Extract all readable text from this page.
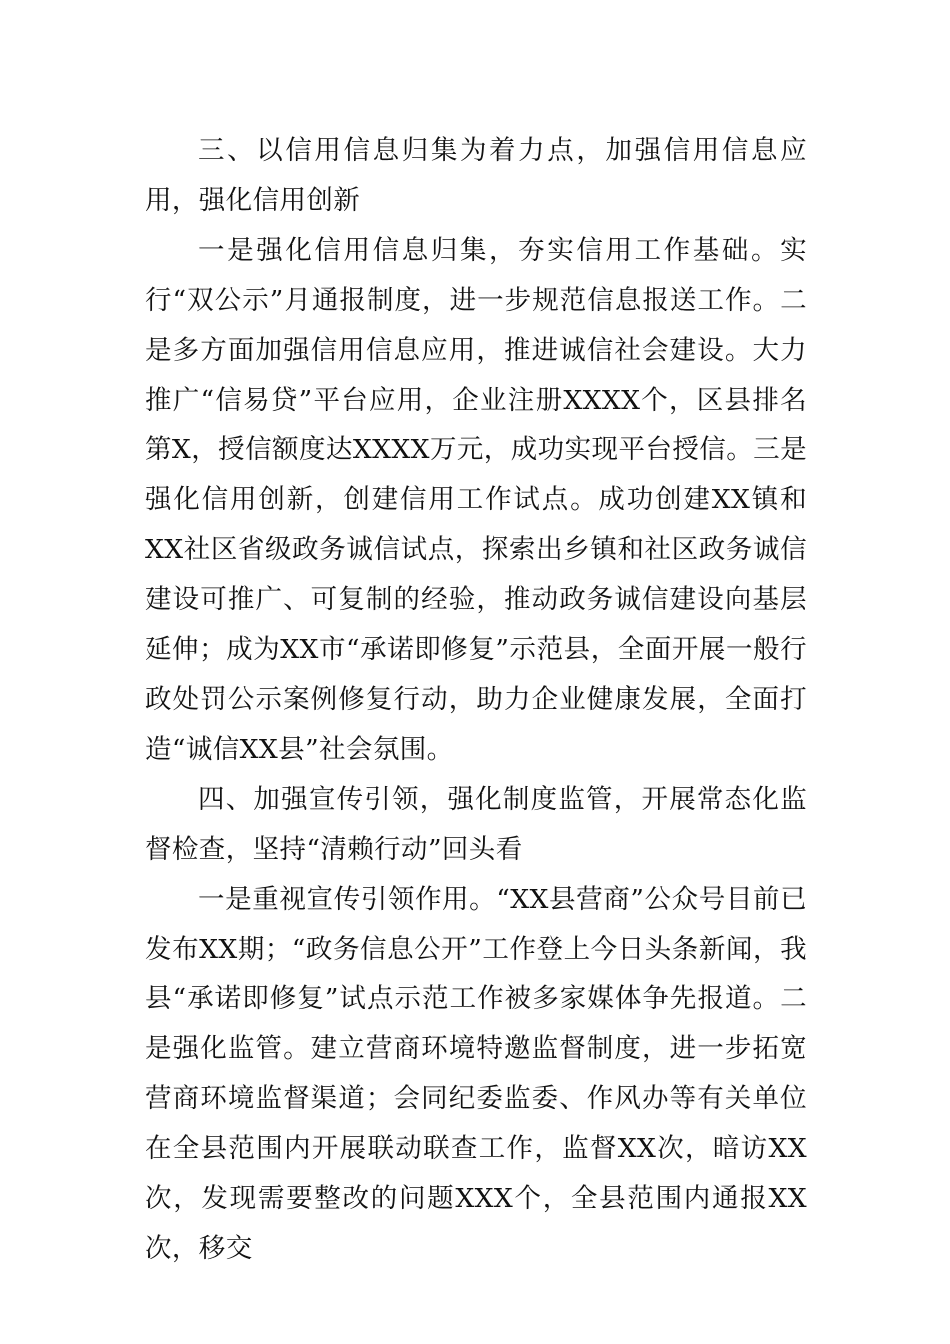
三、以信用信息归集为着力点，加强信用信息应用，强化信用创新

一是强化信用信息归集，夯实信用工作基础。实行“双公示”月通报制度，进一步规范信息报送工作。二是多方面加强信用信息应用，推进诚信社会建设。大力推广“信易贷”平台应用，企业注册XXXX个，区县排名第X，授信额度达XXXX万元，成功实现平台授信。三是强化信用创新，创建信用工作试点。成功创建XX镇和XX社区省级政务诚信试点，探索出乡镇和社区政务诚信建设可推广、可复制的经验，推动政务诚信建设向基层延伸；成为XX市“承诺即修复”示范县，全面开展一般行政处罚公示案例修复行动，助力企业健康发展，全面打造“诚信XX县”社会氛围。

四、加强宣传引领，强化制度监管，开展常态化监督检查，坚持“清赖行动”回头看

一是重视宣传引领作用。“XX县营商”公众号目前已发布XX期；“政务信息公开”工作登上今日头条新闻，我县“承诺即修复”试点示范工作被多家媒体争先报道。二是强化监管。建立营商环境特邀监督制度，进一步拓宽营商环境监督渠道；会同纪委监委、作风办等有关单位在全县范围内开展联动联查工作，监督XX次，暗访XX次，发现需要整改的问题XXX个，全县范围内通报XX次，移交
